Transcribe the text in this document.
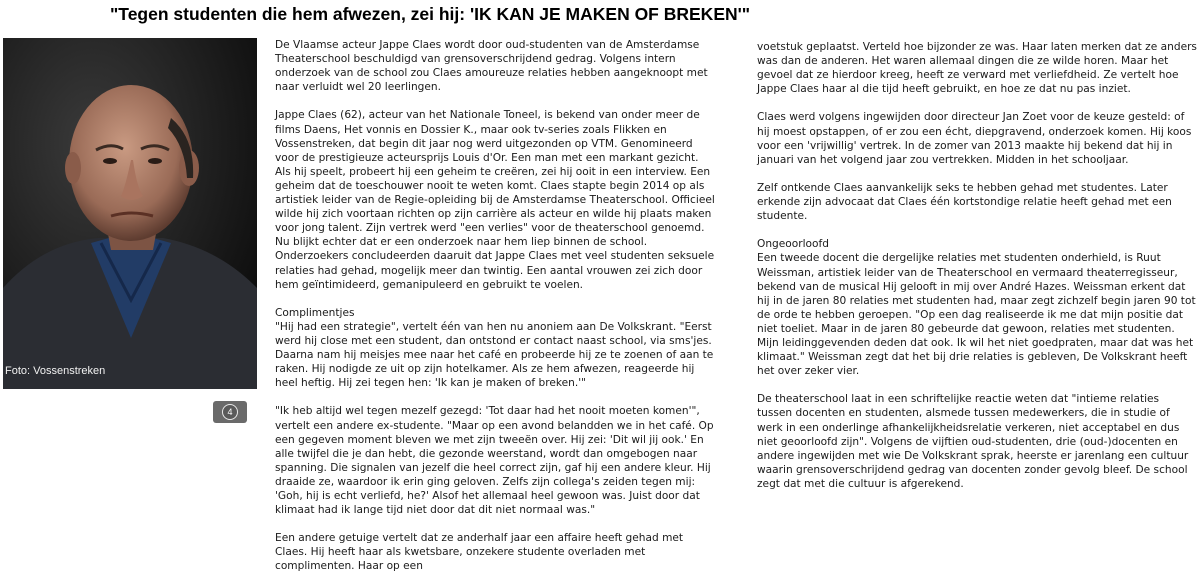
"Tegen studenten die hem afwezen, zei hij: 'IK KAN JE MAKEN OF BREKEN'"
Foto: Vossenstreken
4

De Vlaamse acteur Jappe Claes wordt door oud-studenten van de Amsterdamse Theaterschool beschuldigd van grensoverschrijdend gedrag. Volgens intern onderzoek van de school zou Claes amoureuze relaties hebben aangeknoopt met naar verluidt wel 20 leerlingen.

Jappe Claes (62), acteur van het Nationale Toneel, is bekend van onder meer de films Daens, Het vonnis en Dossier K., maar ook tv-series zoals Flikken en Vossenstreken, dat begin dit jaar nog werd uitgezonden op VTM. Genomineerd voor de prestigieuze acteursprijs Louis d'Or. Een man met een markant gezicht. Als hij speelt, probeert hij een geheim te creëren, zei hij ooit in een interview. Een geheim dat de toeschouwer nooit te weten komt. Claes stapte begin 2014 op als artistiek leider van de Regie-opleiding bij de Amsterdamse Theaterschool. Officieel wilde hij zich voortaan richten op zijn carrière als acteur en wilde hij plaats maken voor jong talent. Zijn vertrek werd "een verlies" voor de theaterschool genoemd. Nu blijkt echter dat er een onderzoek naar hem liep binnen de school. Onderzoekers concludeerden daaruit dat Jappe Claes met veel studenten seksuele relaties had gehad, mogelijk meer dan twintig. Een aantal vrouwen zei zich door hem geïntimideerd, gemanipuleerd en gebruikt te voelen.

Complimentjes

"Hij had een strategie", vertelt één van hen nu anoniem aan De Volkskrant. "Eerst werd hij close met een student, dan ontstond er contact naast school, via sms'jes. Daarna nam hij meisjes mee naar het café en probeerde hij ze te zoenen of aan te raken. Hij nodigde ze uit op zijn hotelkamer. Als ze hem afwezen, reageerde hij heel heftig. Hij zei tegen hen: 'Ik kan je maken of breken.'"

"Ik heb altijd wel tegen mezelf gezegd: 'Tot daar had het nooit moeten komen'", vertelt een andere ex-studente. "Maar op een avond belandden we in het café. Op een gegeven moment bleven we met zijn tweeën over. Hij zei: 'Dit wil jij ook.' En alle twijfel die je dan hebt, die gezonde weerstand, wordt dan omgebogen naar spanning. Die signalen van jezelf die heel correct zijn, gaf hij een andere kleur. Hij draaide ze, waardoor ik erin ging geloven. Zelfs zijn collega's zeiden tegen mij: 'Goh, hij is echt verliefd, he?' Alsof het allemaal heel gewoon was. Juist door dat klimaat had ik lange tijd niet door dat dit niet normaal was."

Een andere getuige vertelt dat ze anderhalf jaar een affaire heeft gehad met Claes. Hij heeft haar als kwetsbare, onzekere studente overladen met complimenten. Haar op een

voetstuk geplaatst. Verteld hoe bijzonder ze was. Haar laten merken dat ze anders was dan de anderen. Het waren allemaal dingen die ze wilde horen. Maar het gevoel dat ze hierdoor kreeg, heeft ze verward met verliefdheid. Ze vertelt hoe Jappe Claes haar al die tijd heeft gebruikt, en hoe ze dat nu pas inziet.

Claes werd volgens ingewijden door directeur Jan Zoet voor de keuze gesteld: of hij moest opstappen, of er zou een écht, diepgravend, onderzoek komen. Hij koos voor een 'vrijwillig' vertrek. In de zomer van 2013 maakte hij bekend dat hij in januari van het volgend jaar zou vertrekken. Midden in het schooljaar.

Zelf ontkende Claes aanvankelijk seks te hebben gehad met studentes. Later erkende zijn advocaat dat Claes één kortstondige relatie heeft gehad met een studente.

Ongeoorloofd

Een tweede docent die dergelijke relaties met studenten onderhield, is Ruut Weissman, artistiek leider van de Theaterschool en vermaard theaterregisseur, bekend van de musical Hij gelooft in mij over André Hazes. Weissman erkent dat hij in de jaren 80 relaties met studenten had, maar zegt zichzelf begin jaren 90 tot de orde te hebben geroepen. "Op een dag realiseerde ik me dat mijn positie dat niet toeliet. Maar in de jaren 80 gebeurde dat gewoon, relaties met studenten. Mijn leidinggevenden deden dat ook. Ik wil het niet goedpraten, maar dat was het klimaat." Weissman zegt dat het bij drie relaties is gebleven, De Volkskrant heeft het over zeker vier.

De theaterschool laat in een schriftelijke reactie weten dat "intieme relaties tussen docenten en studenten, alsmede tussen medewerkers, die in studie of werk in een onderlinge afhankelijkheidsrelatie verkeren, niet acceptabel en dus niet geoorloofd zijn". Volgens de vijftien oud-studenten, drie (oud-)docenten en andere ingewijden met wie De Volkskrant sprak, heerste er jarenlang een cultuur waarin grensoverschrijdend gedrag van docenten zonder gevolg bleef. De school zegt dat met die cultuur is afgerekend.
